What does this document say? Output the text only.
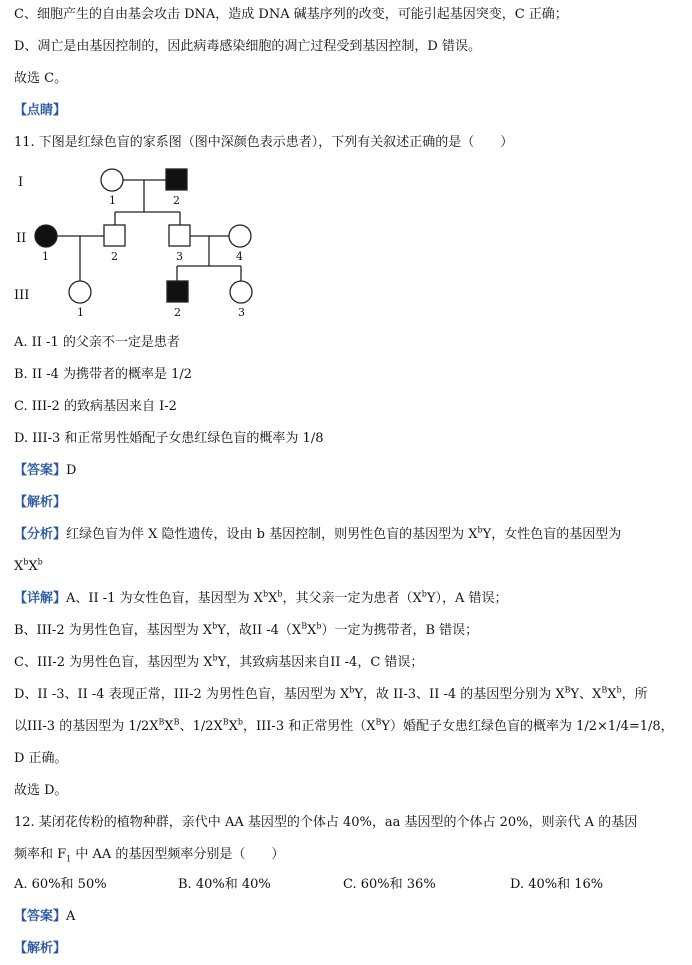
C、细胞产生的自由基会攻击 DNA，造成 DNA 碱基序列的改变，可能引起基因突变，C 正确；
D、凋亡是由基因控制的，因此病毒感染细胞的凋亡过程受到基因控制，D 错误。
故选 C。
【点睛】
11. 下图是红绿色盲的家系图（图中深颜色表示患者），下列有关叙述正确的是（　　）
I
II
III
1	2
1	2	3	4
1	2	3
A. II -1 的父亲不一定是患者
B. II -4 为携带者的概率是 1/2
C. III-2 的致病基因来自 I-2
D. III-3 和正常男性婚配子女患红绿色盲的概率为 1/8
【答案】D
【解析】
【分析】红绿色盲为伴 X 隐性遗传，设由 b 基因控制，则男性色盲的基因型为 $X^bY$，女性色盲的基因型为
$X^bX^b$
【详解】A、II -1 为女性色盲，基因型为 $X^bX^b$，其父亲一定为患者$(X^bY)$，A 错误；
B、III-2 为男性色盲，基因型为 $X^bY$，故II $-4(X^BX^b)$一定为携带者，B 错误；
C、III-2 为男性色盲，基因型为 $X^bY$，其致病基因来自II -4，C 错误；
D、II -3、II -4 表现正常，III-2 为男性色盲，基因型为 $X^bY$，故 II-3、II -4 的基因型分别为 $X^BY$、$X^BX^b$，所
以III-3 的基因型为 $1/2X^BX^B$、$1/2X^BX^b$，III-3 和正常男性$(X^BY)$婚配子女患红绿色盲的概率为 1/2×1/4=1/8，
D 正确。
故选 D。
12. 某闭花传粉的植物种群，亲代中 AA 基因型的个体占 40%，aa 基因型的个体占 20%，则亲代 A 的基因
频率和 $F_1$ 中 AA 的基因型频率分别是（　　）
A. 60%和 50%	B. 40%和 40%	C. 60%和 36%	D. 40%和 16%
【答案】A
【解析】
